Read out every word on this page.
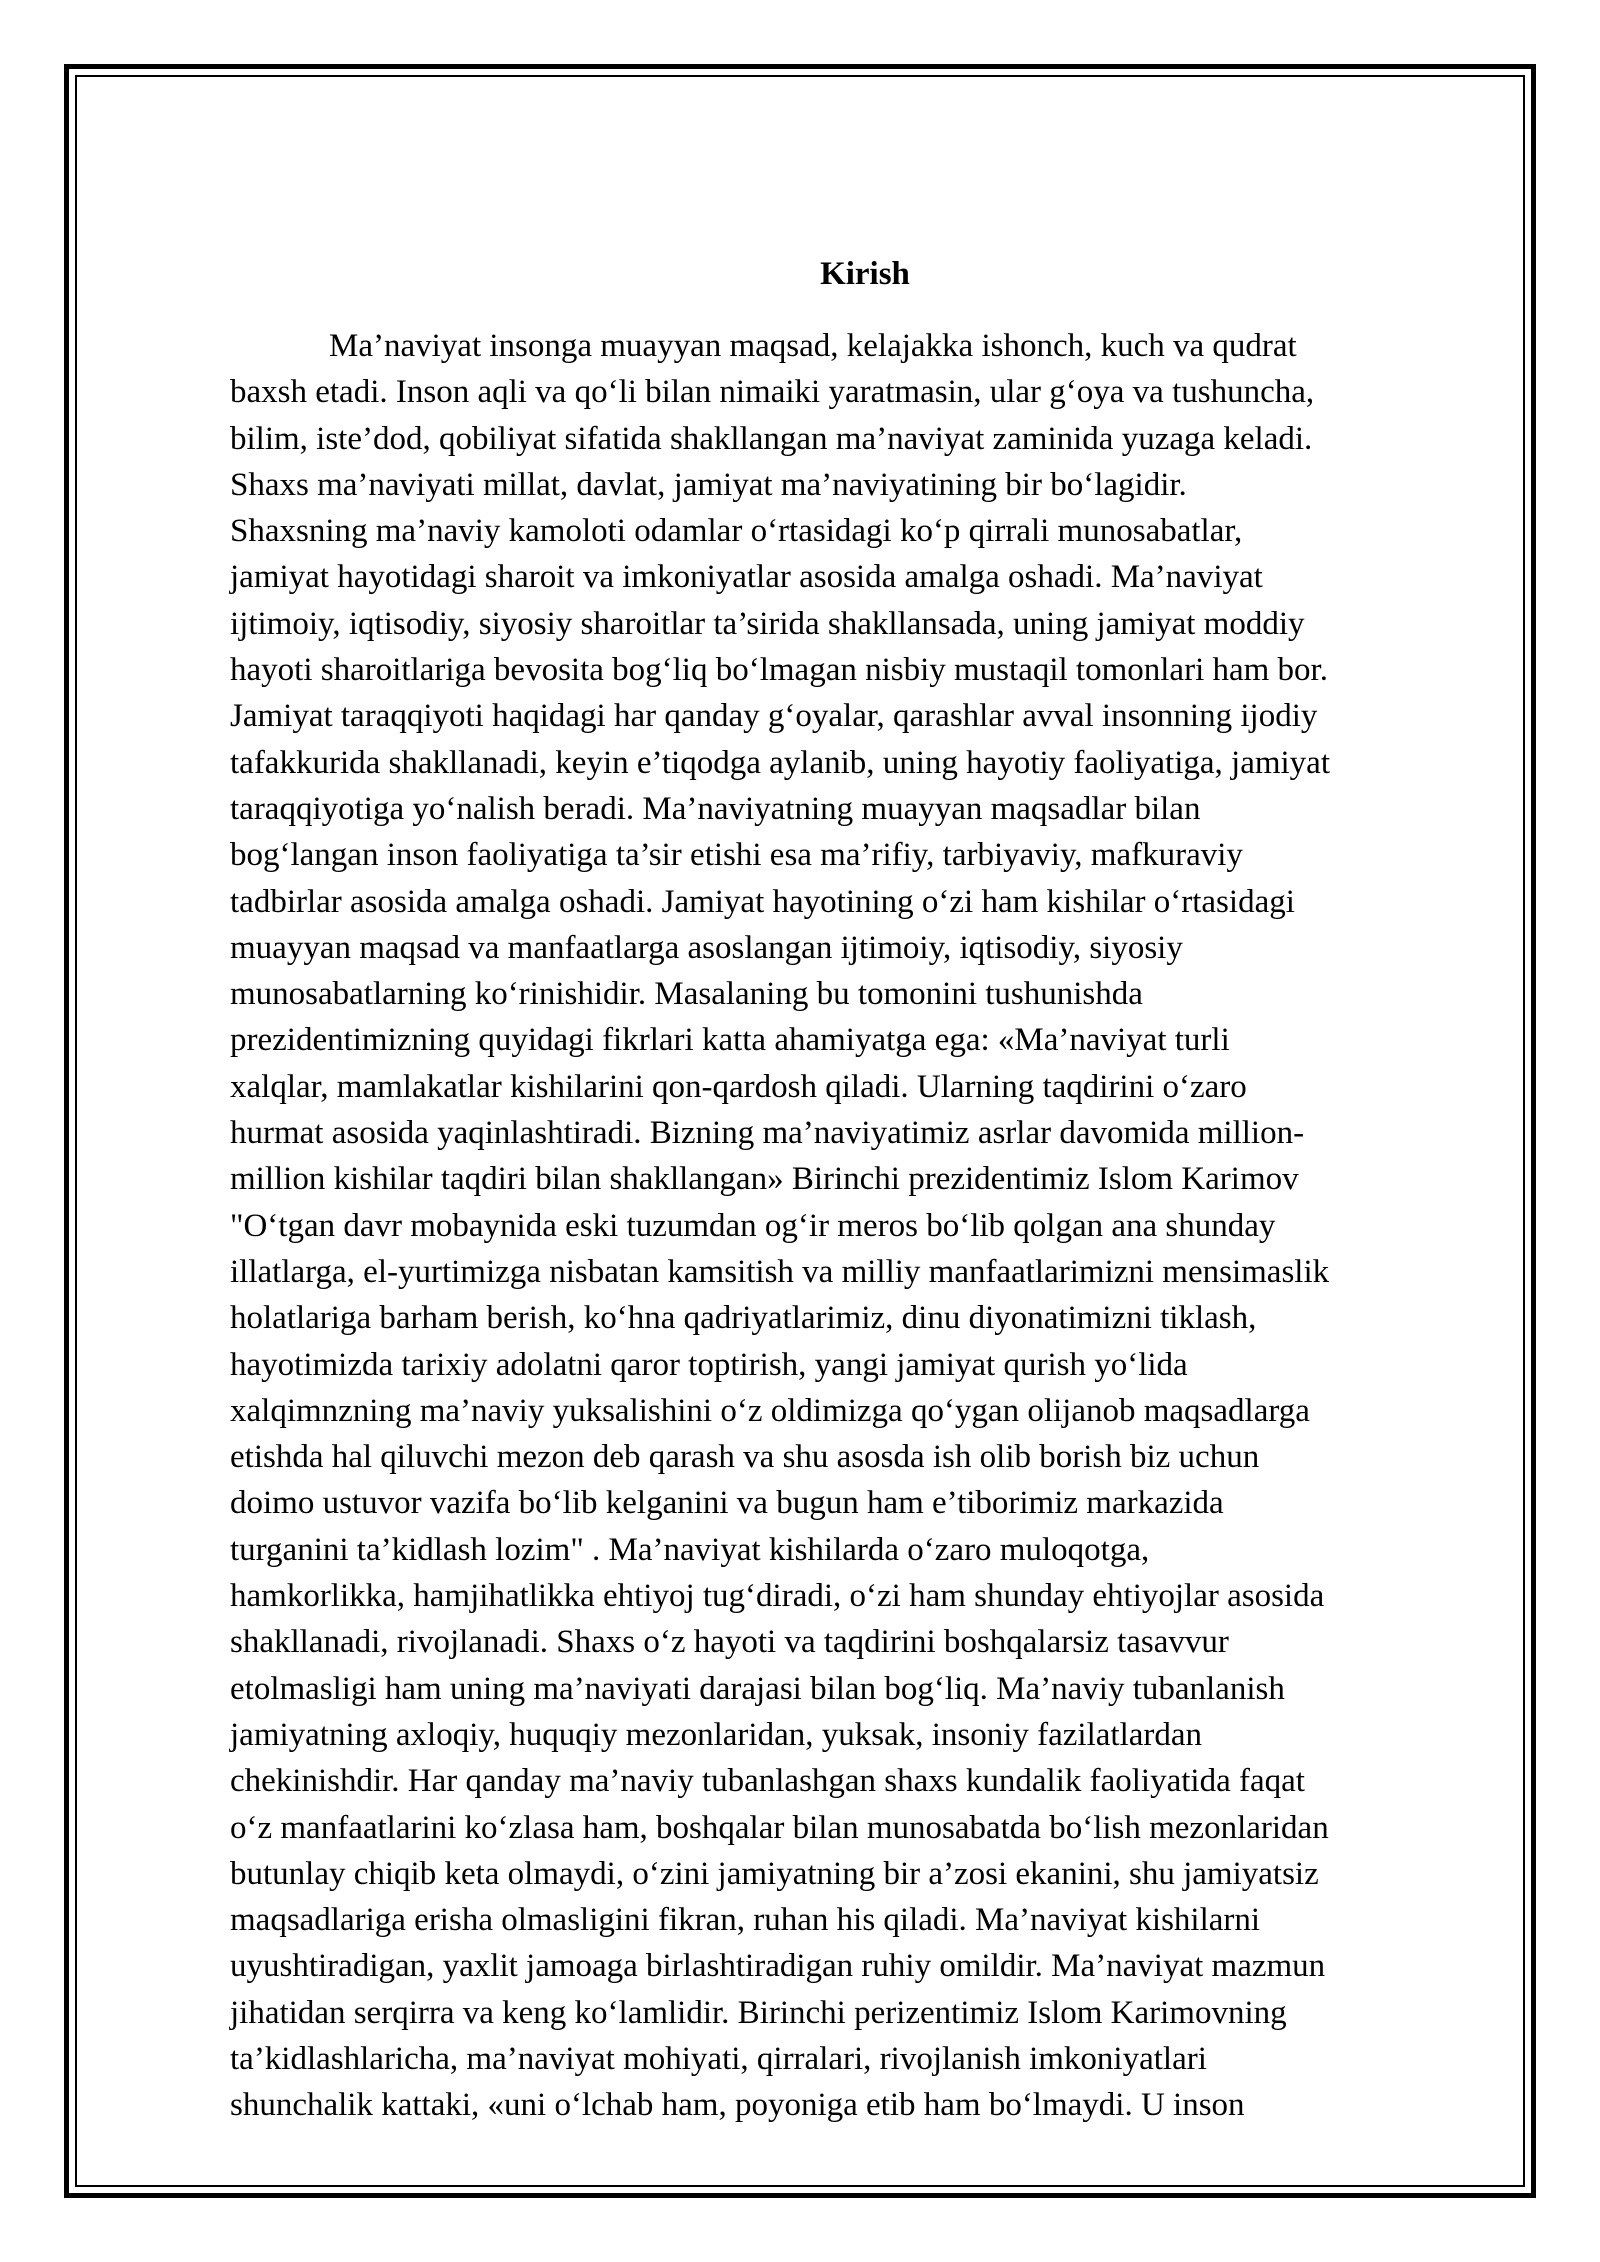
Kirish
Ma’naviyat insonga muayyan maqsad, kelajakka ishonch, kuch va qudrat
baxsh etadi. Inson aqli va qoʻli bilan nimaiki yaratmasin, ular gʻoya va tushuncha,
bilim, iste’dod, qobiliyat sifatida shakllangan ma’naviyat zaminida yuzaga keladi.
Shaxs ma’naviyati millat, davlat, jamiyat ma’naviyatining bir boʻlagidir.
Shaxsning ma’naviy kamoloti odamlar oʻrtasidagi koʻp qirrali munosabatlar,
jamiyat hayotidagi sharoit va imkoniyatlar asosida amalga oshadi. Ma’naviyat
ijtimoiy, iqtisodiy, siyosiy sharoitlar ta’sirida shakllansada, uning jamiyat moddiy
hayoti sharoitlariga bevosita bogʻliq boʻlmagan nisbiy mustaqil tomonlari ham bor.
Jamiyat taraqqiyoti haqidagi har qanday gʻoyalar, qarashlar avval insonning ijodiy
tafakkurida shakllanadi, keyin e’tiqodga aylanib, uning hayotiy faoliyatiga, jamiyat
taraqqiyotiga yoʻnalish beradi. Ma’naviyatning muayyan maqsadlar bilan
bogʻlangan inson faoliyatiga ta’sir etishi esa ma’rifiy, tarbiyaviy, mafkuraviy
tadbirlar asosida amalga oshadi. Jamiyat hayotining oʻzi ham kishilar oʻrtasidagi
muayyan maqsad va manfaatlarga asoslangan ijtimoiy, iqtisodiy, siyosiy
munosabatlarning koʻrinishidir. Masalaning bu tomonini tushunishda
prezidentimizning quyidagi fikrlari katta ahamiyatga ega: «Ma’naviyat turli
xalqlar, mamlakatlar kishilarini qon-qardosh qiladi. Ularning taqdirini oʻzaro
hurmat asosida yaqinlashtiradi. Bizning ma’naviyatimiz asrlar davomida million-
million kishilar taqdiri bilan shakllangan» Birinchi prezidentimiz Islom Karimov
"Oʻtgan davr mobaynida eski tuzumdan ogʻir meros boʻlib qolgan ana shunday
illatlarga, el-yurtimizga nisbatan kamsitish va milliy manfaatlarimizni mensimaslik
holatlariga barham berish, koʻhna qadriyatlarimiz, dinu diyonatimizni tiklash,
hayotimizda tarixiy adolatni qaror toptirish, yangi jamiyat qurish yoʻlida
xalqimnzning ma’naviy yuksalishini oʻz oldimizga qoʻygan olijanob maqsadlarga
etishda hal qiluvchi mezon deb qarash va shu asosda ish olib borish biz uchun
doimo ustuvor vazifa boʻlib kelganini va bugun ham e’tiborimiz markazida
turganini ta’kidlash lozim" . Ma’naviyat kishilarda oʻzaro muloqotga,
hamkorlikka, hamjihatlikka ehtiyoj tugʻdiradi, oʻzi ham shunday ehtiyojlar asosida
shakllanadi, rivojlanadi. Shaxs oʻz hayoti va taqdirini boshqalarsiz tasavvur
etolmasligi ham uning ma’naviyati darajasi bilan bogʻliq. Ma’naviy tubanlanish
jamiyatning axloqiy, huquqiy mezonlaridan, yuksak, insoniy fazilatlardan
chekinishdir. Har qanday ma’naviy tubanlashgan shaxs kundalik faoliyatida faqat
oʻz manfaatlarini koʻzlasa ham, boshqalar bilan munosabatda boʻlish mezonlaridan
butunlay chiqib keta olmaydi, oʻzini jamiyatning bir a’zosi ekanini, shu jamiyatsiz
maqsadlariga erisha olmasligini fikran, ruhan his qiladi. Ma’naviyat kishilarni
uyushtiradigan, yaxlit jamoaga birlashtiradigan ruhiy omildir. Ma’naviyat mazmun
jihatidan serqirra va keng koʻlamlidir. Birinchi perizentimiz Islom Karimovning
ta’kidlashlaricha, ma’naviyat mohiyati, qirralari, rivojlanish imkoniyatlari
shunchalik kattaki, «uni oʻlchab ham, poyoniga etib ham boʻlmaydi. U inson
